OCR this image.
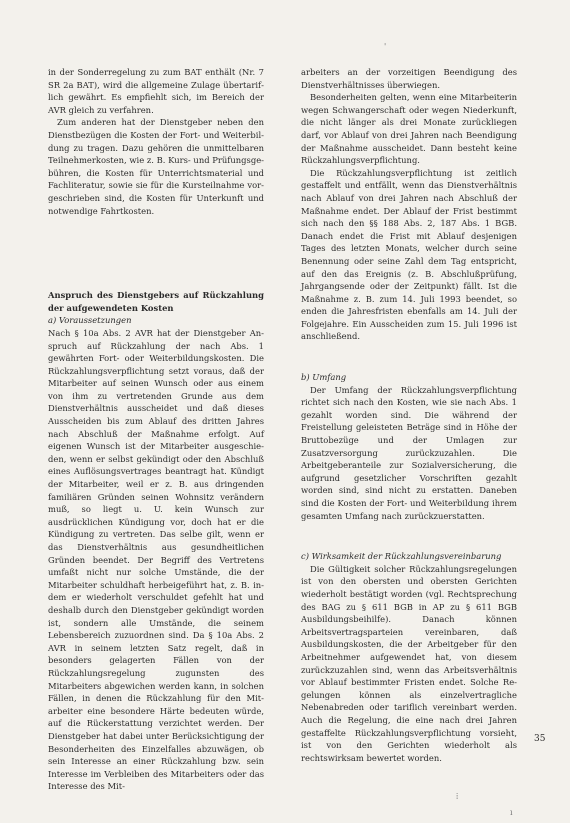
'

in der Sonderregelung zu zum BAT enthält (Nr. 7 SR 2a BAT), wird die allgemeine Zulage übertariflich gewährt. Es empfiehlt sich, im Bereich der AVR gleich zu verfahren.

Zum anderen hat der Dienstgeber neben den Dienstbezügen die Kosten der Fort- und Weiterbildung zu tragen. Dazu gehören die unmittelbaren Teilnehmerkosten, wie z. B. Kurs- und Prüfungsgebühren, die Kosten für Unterrichtsmaterial und Fachliteratur, sowie sie für die Kursteilnahme vorgeschrieben sind, die Kosten für Unterkunft und notwendige Fahrtkosten.

Anspruch des Dienstgebers auf Rückzahlung der aufgewendeten Kosten

a) Voraussetzungen

Nach § 10a Abs. 2 AVR hat der Dienstgeber Anspruch auf Rückzahlung der nach Abs. 1 gewährten Fort- oder Weiterbildungskosten. Die Rückzahlungsverpflichtung setzt voraus, daß der Mitarbeiter auf seinen Wunsch oder aus einem von ihm zu vertretenden Grunde aus dem Dienstverhältnis ausscheidet und daß dieses Ausscheiden bis zum Ablauf des dritten Jahres nach Abschluß der Maßnahme erfolgt. Auf eigenen Wunsch ist der Mitarbeiter ausgeschieden, wenn er selbst gekündigt oder den Abschluß eines Auflösungsvertrages beantragt hat. Kündigt der Mitarbeiter, weil er z. B. aus dringenden familiären Gründen seinen Wohnsitz verändern muß, so liegt u. U. kein Wunsch zur ausdrücklichen Kündigung vor, doch hat er die Kündigung zu vertreten. Das selbe gilt, wenn er das Dienstverhältnis aus gesundheitlichen Gründen beendet. Der Begriff des Vertretens umfaßt nicht nur solche Umstände, die der Mitarbeiter schuldhaft herbeigeführt hat, z. B. indem er wiederholt verschuldet gefehlt hat und deshalb durch den Dienstgeber gekündigt worden ist, sondern alle Umstände, die seinem Lebensbereich zuzuordnen sind. Da § 10a Abs. 2 AVR in seinem letzten Satz regelt, daß in besonders gelagerten Fällen von der Rückzahlungsregelung zugunsten des Mitarbeiters abgewichen werden kann, in solchen Fällen, in denen die Rückzahlung für den Mitarbeiter eine besondere Härte bedeuten würde, auf die Rückerstattung verzichtet werden. Der Dienstgeber hat dabei unter Berücksichtigung der Besonderheiten des Einzelfalles abzuwägen, ob sein Interesse an einer Rückzahlung bzw. sein Interesse im Verbleiben des Mitarbeiters oder das Interesse des Mit-

arbeiters an der vorzeitigen Beendigung des Dienstverhältnisses überwiegen.

Besonderheiten gelten, wenn eine Mitarbeiterin wegen Schwangerschaft oder wegen Niederkunft, die nicht länger als drei Monate zurückliegen darf, vor Ablauf von drei Jahren nach Beendigung der Maßnahme ausscheidet. Dann besteht keine Rückzahlungsverpflichtung.

Die Rückzahlungsverpflichtung ist zeitlich gestaffelt und entfällt, wenn das Dienstverhältnis nach Ablauf von drei Jahren nach Abschluß der Maßnahme endet. Der Ablauf der Frist bestimmt sich nach den §§ 188 Abs. 2, 187 Abs. 1 BGB. Danach endet die Frist mit Ablauf desjenigen Tages des letzten Monats, welcher durch seine Benennung oder seine Zahl dem Tag entspricht, auf den das Ereignis (z. B. Abschlußprüfung, Jahrgangsende oder der Zeitpunkt) fällt. Ist die Maßnahme z. B. zum 14. Juli 1993 beendet, so enden die Jahresfristen ebenfalls am 14. Juli der Folgejahre. Ein Ausscheiden zum 15. Juli 1996 ist anschließend.

b) Umfang

Der Umfang der Rückzahlungsverpflichtung richtet sich nach den Kosten, wie sie nach Abs. 1 gezahlt worden sind. Die während der Freistellung geleisteten Beträge sind in Höhe der Bruttobezüge und der Umlagen zur Zusatzversorgung zurückzuzahlen. Die Arbeitgeberanteile zur Sozialversicherung, die aufgrund gesetzlicher Vorschriften gezahlt worden sind, sind nicht zu erstatten. Daneben sind die Kosten der Fort- und Weiterbildung ihrem gesamten Umfang nach zurückzuerstatten.

c) Wirksamkeit der Rückzahlungsvereinbarung

Die Gültigkeit solcher Rückzahlungsregelungen ist von den obersten und obersten Gerichten wiederholt bestätigt worden (vgl. Rechtsprechung des BAG zu § 611 BGB in AP zu § 611 BGB Ausbildungsbeihilfe). Danach können Arbeitsvertragsparteien vereinbaren, daß Ausbildungskosten, die der Arbeitgeber für den Arbeitnehmer aufgewendet hat, von diesem zurückzuzahlen sind, wenn das Arbeitsverhältnis vor Ablauf bestimmter Fristen endet. Solche Regelungen können als einzelvertragliche Nebenabreden oder tariflich vereinbart werden. Auch die Regelung, die eine nach drei Jahren gestaffelte Rückzahlungsverpflichtung vorsieht, ist von den Gerichten wiederholt als rechtswirksam bewertet worden.

35
⁞
ı
